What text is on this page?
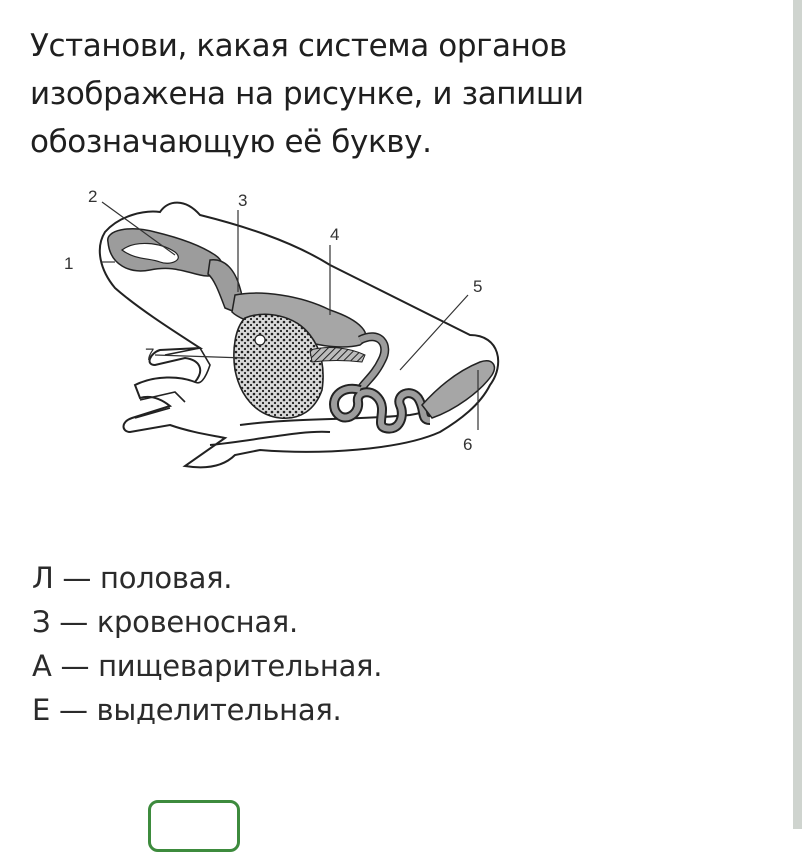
Установи, какая система органов изображена на рисунке, и запиши обозначающую её букву.
1
2	3
4
5
6
7
Л — половая.
З — кровеносная.
А — пищеварительная.
Е — выделительная.
